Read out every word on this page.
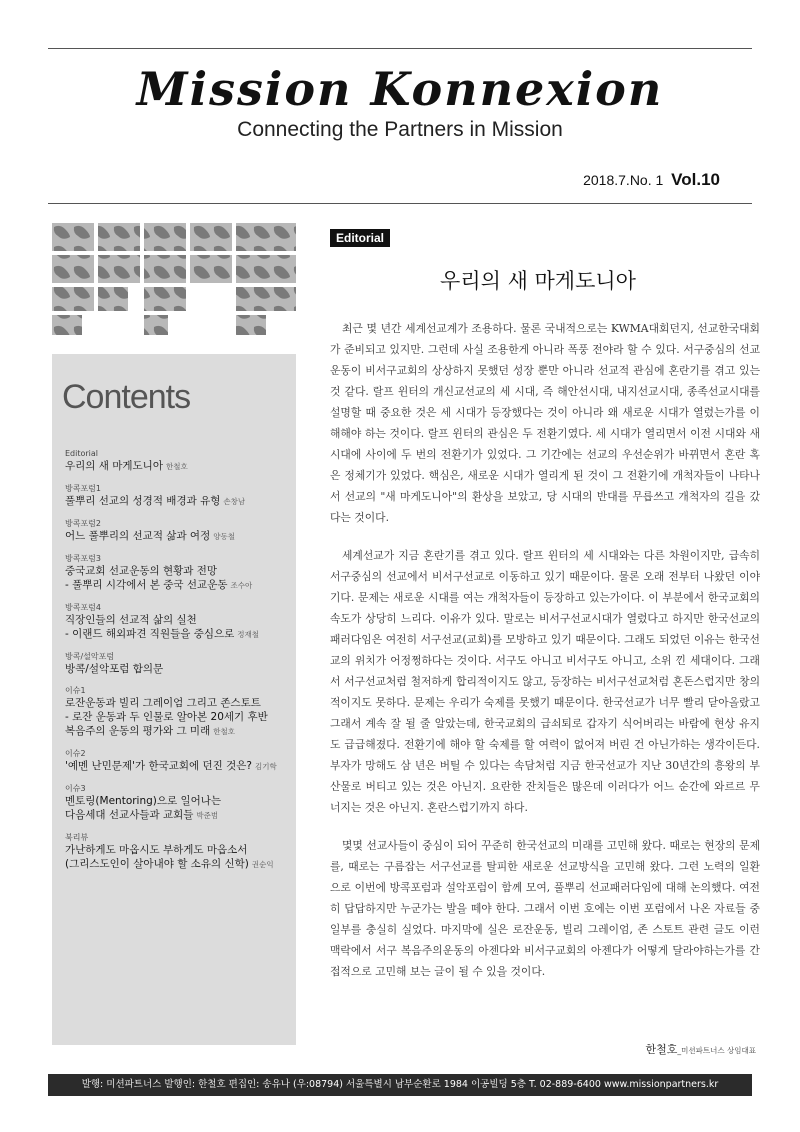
Mission Konnexion
Connecting the Partners in Mission
2018.7.No. 1 Vol.10
Contents
Editorial
우리의 새 마게도니아 한철호
방콕포럼1
풀뿌리 선교의 성경적 배경과 유형 손창남
방콕포럼2
어느 풀뿌리의 선교적 삶과 여정 양동철
방콕포럼3
중국교회 선교운동의 현황과 전망
- 풀뿌리 시각에서 본 중국 선교운동 조수아
방콕포럼4
직장인들의 선교적 삶의 실천
- 이랜드 해외파견 직원들을 중심으로 정재철
방콕/설악포럼
방콕/설악포럼 합의문
이슈1
로잔운동과 빌리 그레이엄 그리고 존스토트
- 로잔 운동과 두 인물로 알아본 20세기 후반
복음주의 운동의 평가와 그 미래 한철호
이슈2
'예멘 난민문제'가 한국교회에 던진 것은? 김기학
이슈3
멘토링(Mentoring)으로 일어나는
다음세대 선교사들과 교회들 박준범
북리뷰
가난하게도 마옵시도 부하게도 마옵소서
(그리스도인이 살아내야 할 소유의 신학) 권순익
Editorial
우리의 새 마게도니아

최근 몇 년간 세계선교계가 조용하다. 물론 국내적으로는 KWMA대회던지, 선교한국대회가 준비되고 있지만. 그런데 사실 조용한게 아니라 폭풍 전야라 할 수 있다. 서구중심의 선교운동이 비서구교회의 상상하지 못했던 성장 뿐만 아니라 선교적 관심에 혼란기를 겪고 있는 것 같다. 랄프 윈터의 개신교선교의 세 시대, 즉 해안선시대, 내지선교시대, 종족선교시대를 설명할 때 중요한 것은 세 시대가 등장했다는 것이 아니라 왜 새로운 시대가 열렸는가를 이해해야 하는 것이다. 랄프 윈터의 관심은 두 전환기였다. 세 시대가 열리면서 이전 시대와 새 시대에 사이에 두 번의 전환기가 있었다. 그 기간에는 선교의 우선순위가 바뀌면서 혼란 혹은 정체기가 있었다. 핵심은, 새로운 시대가 열리게 된 것이 그 전환기에 개척자들이 나타나서 선교의 "새 마게도니아"의 환상을 보았고, 당 시대의 반대를 무릅쓰고 개척자의 길을 갔다는 것이다.

세계선교가 지금 혼란기를 겪고 있다. 랄프 윈터의 세 시대와는 다른 차원이지만, 급속히 서구중심의 선교에서 비서구선교로 이동하고 있기 때문이다. 물론 오래 전부터 나왔던 이야기다. 문제는 새로운 시대를 여는 개척자들이 등장하고 있는가이다. 이 부분에서 한국교회의 속도가 상당히 느리다. 이유가 있다. 말로는 비서구선교시대가 열렸다고 하지만 한국선교의 패러다임은 여전히 서구선교(교회)를 모방하고 있기 때문이다. 그래도 되었던 이유는 한국선교의 위치가 어정쩡하다는 것이다. 서구도 아니고 비서구도 아니고, 소위 낀 세대이다. 그래서 서구선교처럼 철저하게 합리적이지도 않고, 등장하는 비서구선교처럼 혼돈스럽지만 창의적이지도 못하다. 문제는 우리가 숙제를 못했기 때문이다. 한국선교가 너무 빨리 닫아올랐고 그래서 계속 잘 될 줄 알았는데, 한국교회의 급쇠퇴로 갑자기 식어버리는 바람에 현상 유지도 급급해졌다. 전환기에 해야 할 숙제를 할 여력이 없어져 버린 건 아닌가하는 생각이든다. 부자가 망해도 삼 년은 버틸 수 있다는 속담처럼 지금 한국선교가 지난 30년간의 흥왕의 부산물로 버티고 있는 것은 아닌지. 요란한 잔치들은 많은데 이러다가 어느 순간에 와르르 무너지는 것은 아닌지. 혼란스럽기까지 하다.

몇몇 선교사들이 중심이 되어 꾸준히 한국선교의 미래를 고민해 왔다. 때로는 현장의 문제를, 때로는 구름잡는 서구선교를 탈피한 새로운 선교방식을 고민해 왔다. 그런 노력의 일환으로 이번에 방콕포럼과 설악포럼이 함께 모여, 풀뿌리 선교패러다임에 대해 논의했다. 여전히 답답하지만 누군가는 발을 떼야 한다. 그래서 이번 호에는 이번 포럼에서 나온 자료들 중 일부를 충실히 실었다. 마지막에 실은 로잔운동, 빌리 그레이엄, 존 스토트 관련 글도 이런 맥락에서 서구 복음주의운동의 아젠다와 비서구교회의 아젠다가 어떻게 달라야하는가를 간접적으로 고민해 보는 글이 될 수 있을 것이다.

한철호_미션파트너스 상임대표
발행: 미션파트너스 발행인: 한철호 편집인: 송유나 (우:08794) 서울특별시 남부순환로 1984 이공빌딩 5층 T. 02-889-6400 www.missionpartners.kr
